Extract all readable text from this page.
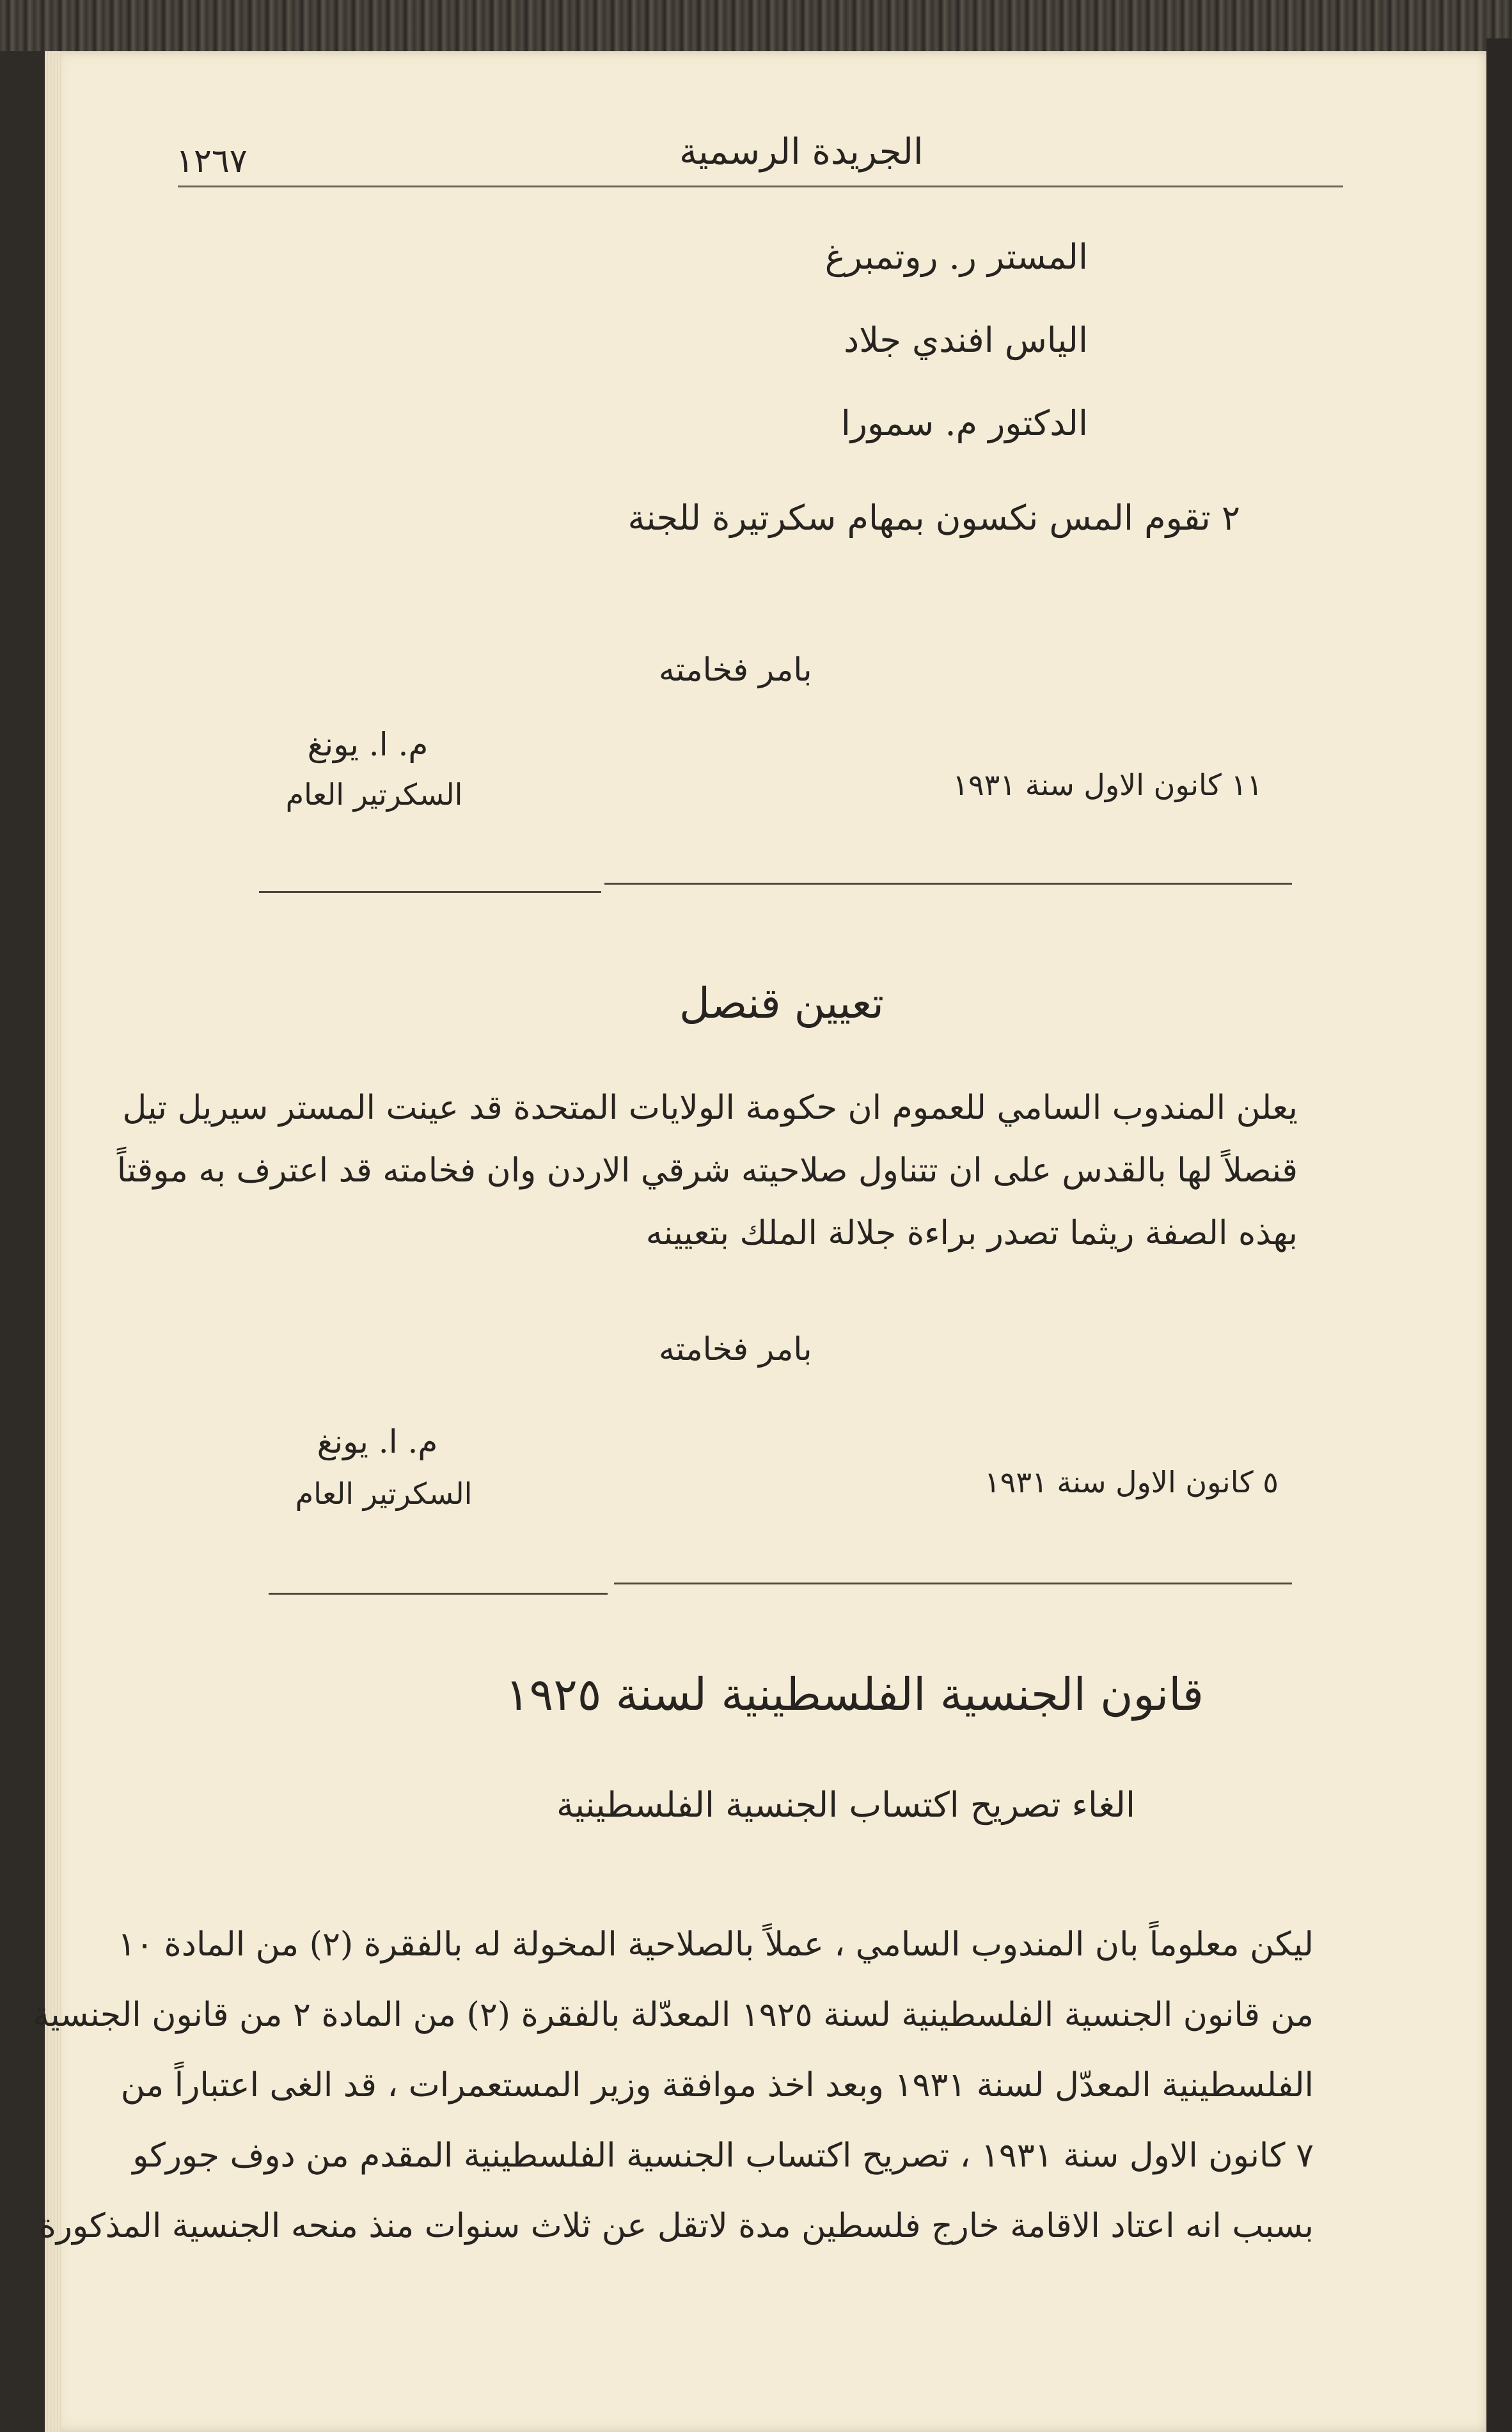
١٢٦٧	الجريدة الرسمية
المستر ر. روتمبرغ
الياس افندي جلاد
الدكتور م. سمورا
٢ تقوم المس نكسون بمهام سكرتيرة للجنة
بامر فخامته
م. ا. يونغ
السكرتير العام	١١ كانون الاول سنة ١٩٣١
تعيين قنصل
يعلن المندوب السامي للعموم ان حكومة الولايات المتحدة قد عينت المستر سيريل تيل
قنصلاً لها بالقدس على ان تتناول صلاحيته شرقي الاردن وان فخامته قد اعترف به موقتاً
بهذه الصفة ريثما تصدر براءة جلالة الملك بتعيينه
بامر فخامته
م. ا. يونغ
السكرتير العام	٥ كانون الاول سنة ١٩٣١
قانون الجنسية الفلسطينية لسنة ١٩٢٥
الغاء تصريح اكتساب الجنسية الفلسطينية
ليكن معلوماً بان المندوب السامي ، عملاً بالصلاحية المخولة له بالفقرة (٢) من المادة ١٠
من قانون الجنسية الفلسطينية لسنة ١٩٢٥ المعدّلة بالفقرة (٢) من المادة ٢ من قانون الجنسية
الفلسطينية المعدّل لسنة ١٩٣١ وبعد اخذ موافقة وزير المستعمرات ، قد الغى اعتباراً من
٧ كانون الاول سنة ١٩٣١ ، تصريح اكتساب الجنسية الفلسطينية المقدم من دوف جوركو
بسبب انه اعتاد الاقامة خارج فلسطين مدة لاتقل عن ثلاث سنوات منذ منحه الجنسية المذكورة
